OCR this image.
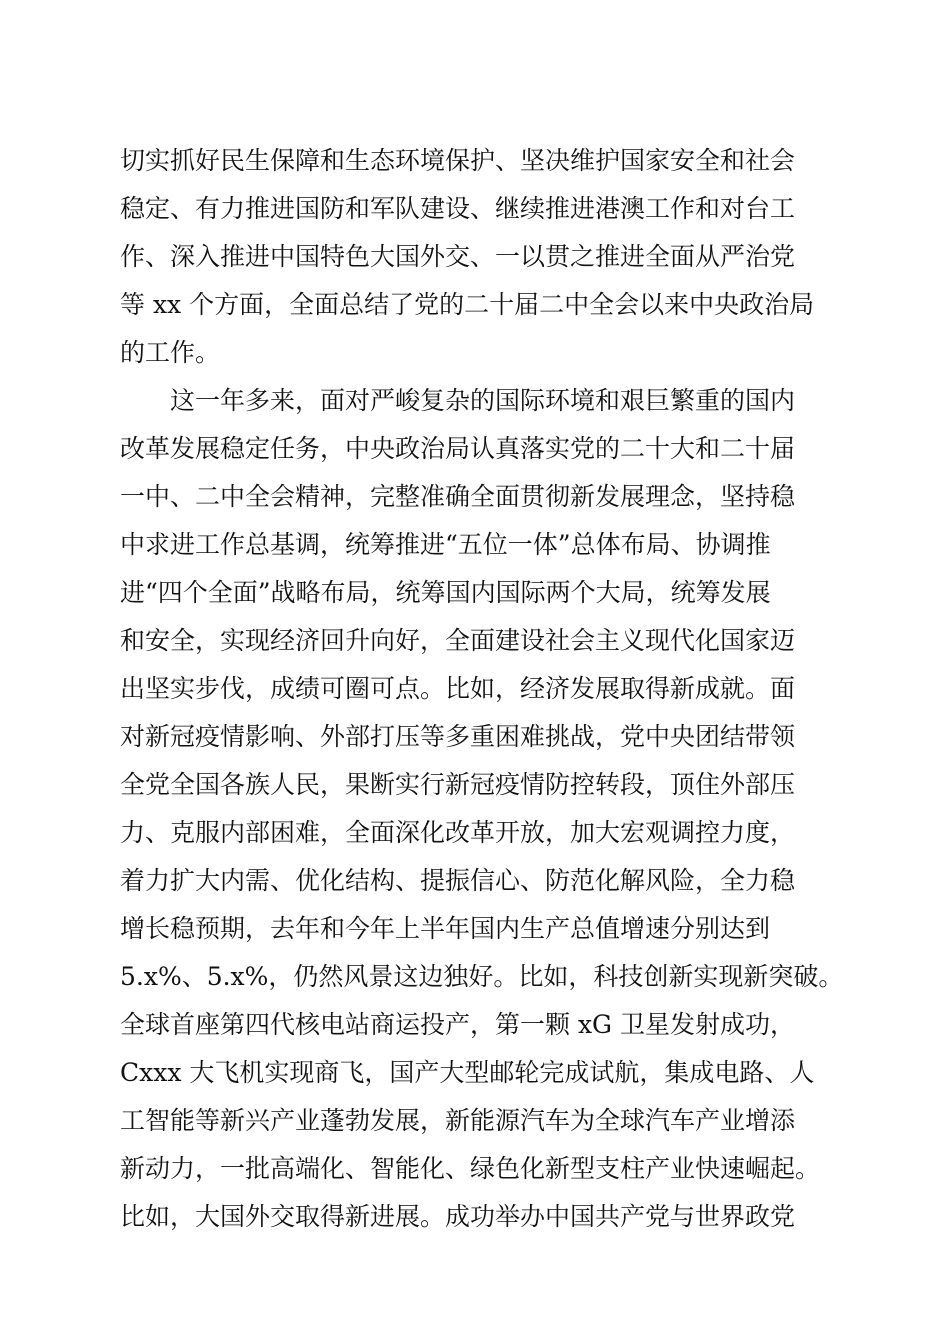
切实抓好民生保障和生态环境保护、坚决维护国家安全和社会
稳定、有力推进国防和军队建设、继续推进港澳工作和对台工
作、深入推进中国特色大国外交、一以贯之推进全面从严治党
等 xx 个方面，全面总结了党的二十届二中全会以来中央政治局
的工作。
这一年多来，面对严峻复杂的国际环境和艰巨繁重的国内
改革发展稳定任务，中央政治局认真落实党的二十大和二十届
一中、二中全会精神，完整准确全面贯彻新发展理念，坚持稳
中求进工作总基调，统筹推进“五位一体”总体布局、协调推
进“四个全面”战略布局，统筹国内国际两个大局，统筹发展
和安全，实现经济回升向好，全面建设社会主义现代化国家迈
出坚实步伐，成绩可圈可点。比如，经济发展取得新成就。面
对新冠疫情影响、外部打压等多重困难挑战，党中央团结带领
全党全国各族人民，果断实行新冠疫情防控转段，顶住外部压
力、克服内部困难，全面深化改革开放，加大宏观调控力度，
着力扩大内需、优化结构、提振信心、防范化解风险，全力稳
增长稳预期，去年和今年上半年国内生产总值增速分别达到
5.x%、5.x%，仍然风景这边独好。比如，科技创新实现新突破。
全球首座第四代核电站商运投产，第一颗 xG 卫星发射成功，
Cxxx 大飞机实现商飞，国产大型邮轮完成试航，集成电路、人
工智能等新兴产业蓬勃发展，新能源汽车为全球汽车产业增添
新动力，一批高端化、智能化、绿色化新型支柱产业快速崛起。
比如，大国外交取得新进展。成功举办中国共产党与世界政党
